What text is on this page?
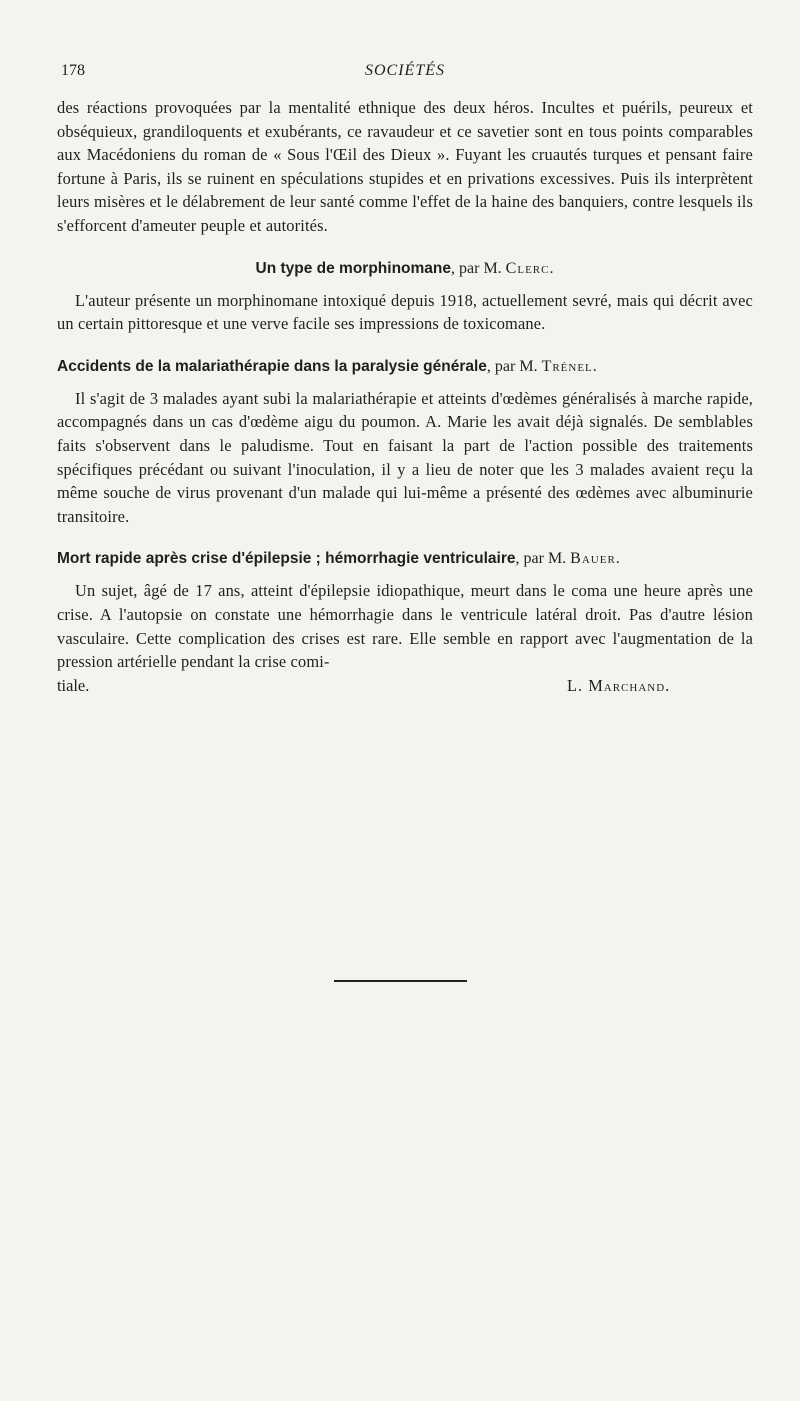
178	SOCIÉTÉS

des réactions provoquées par la mentalité ethnique des deux héros. Incultes et puérils, peureux et obséquieux, grandiloquents et exubérants, ce ravaudeur et ce savetier sont en tous points comparables aux Macédoniens du roman de « Sous l'Œil des Dieux ». Fuyant les cruautés turques et pensant faire fortune à Paris, ils se ruinent en spéculations stupides et en privations excessives. Puis ils interprètent leurs misères et le délabrement de leur santé comme l'effet de la haine des banquiers, contre lesquels ils s'efforcent d'ameuter peuple et autorités.

Un type de morphinomane, par M. Clerc.

L'auteur présente un morphinomane intoxiqué depuis 1918, actuellement sevré, mais qui décrit avec un certain pittoresque et une verve facile ses impressions de toxicomane.

Accidents de la malariathérapie dans la paralysie générale, par M. Trénel.

Il s'agit de 3 malades ayant subi la malariathérapie et atteints d'œdèmes généralisés à marche rapide, accompagnés dans un cas d'œdème aigu du poumon. A. Marie les avait déjà signalés. De semblables faits s'observent dans le paludisme. Tout en faisant la part de l'action possible des traitements spécifiques précédant ou suivant l'inoculation, il y a lieu de noter que les 3 malades avaient reçu la même souche de virus provenant d'un malade qui lui-même a présenté des œdèmes avec albuminurie transitoire.

Mort rapide après crise d'épilepsie ; hémorrhagie ventriculaire, par M. Bauer.

Un sujet, âgé de 17 ans, atteint d'épilepsie idiopathique, meurt dans le coma une heure après une crise. A l'autopsie on constate une hémorrhagie dans le ventricule latéral droit. Pas d'autre lésion vasculaire. Cette complication des crises est rare. Elle semble en rapport avec l'augmentation de la pression artérielle pendant la crise comi-

tiale.	L. Marchand.
